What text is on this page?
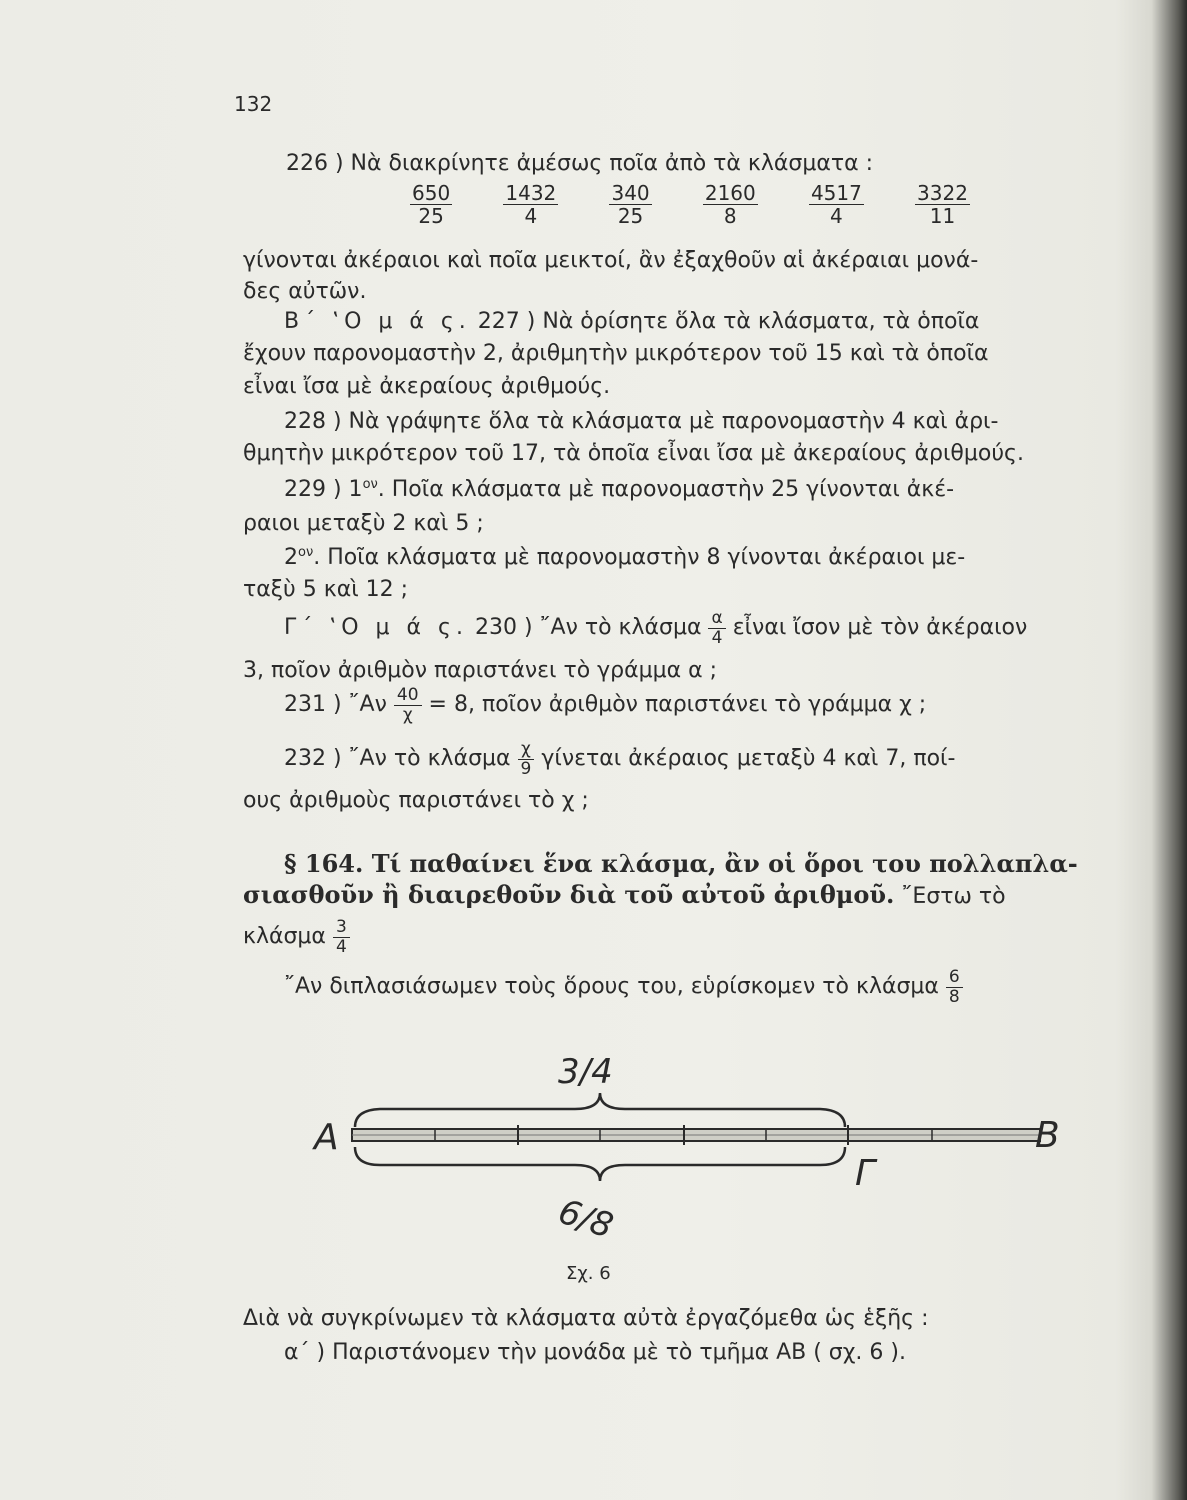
132
226 ) Νὰ διακρίνητε ἀμέσως ποῖα ἀπὸ τὰ κλάσματα :
$\frac{650}{25}$	$\frac{1432}{4}$	$\frac{340}{25}$	$\frac{2160}{8}$	$\frac{4517}{4}$	$\frac{3322}{11}$
γίνονται ἀκέραιοι καὶ ποῖα μεικτοί, ἂν ἐξαχθοῦν αἱ ἀκέραιαι μονά-
δες αὐτῶν.
Β΄ ‛Ο μ ά ς. 227 ) Νὰ ὁρίσητε ὅλα τὰ κλάσματα, τὰ ὁποῖα
ἔχουν παρονομαστὴν 2, ἀριθμητὴν μικρότερον τοῦ 15 καὶ τὰ ὁποῖα
εἶναι ἴσα μὲ ἀκεραίους ἀριθμούς.
228 ) Νὰ γράψητε ὅλα τὰ κλάσματα μὲ παρονομαστὴν 4 καὶ ἀρι-
θμητὴν μικρότερον τοῦ 17, τὰ ὁποῖα εἶναι ἴσα μὲ ἀκεραίους ἀριθμούς.
229 ) $1^{o\nu}$. Ποῖα κλάσματα μὲ παρονομαστὴν 25 γίνονται ἀκέ-
ραιοι μεταξὺ 2 καὶ 5 ;
$2^{o\nu}$. Ποῖα κλάσματα μὲ παρονομαστὴν 8 γίνονται ἀκέραιοι με-
ταξὺ 5 καὶ 12 ;
Γ΄ ‛Ο μ ά ς.
230 ) ῎Αν τὸ κλάσμα
$\frac{\alpha}{4}$
εἶναι ἴσον μὲ τὸν ἀκέραιον
3, ποῖον ἀριθμὸν παριστάνει τὸ γράμμα α ;
231 ) ῎Αν
$\frac{40}{\chi}$
= 8, ποῖον ἀριθμὸν παριστάνει τὸ γράμμα χ ;
232 ) ῎Αν τὸ κλάσμα
$\frac{\chi}{9}$
γίνεται ἀκέραιος μεταξὺ 4 καὶ 7, ποί-
ους ἀριθμοὺς παριστάνει τὸ χ ;
§ 164. Τί παθαίνει ἕνα κλάσμα, ἂν οἱ ὅροι του πολλαπλα-
σιασθοῦν ἢ διαιρεθοῦν διὰ τοῦ αὐτοῦ ἀριθμοῦ. ῎Εστω τὸ
κλάσμα
$\frac{3}{4}$
῎Αν διπλασιάσωμεν τοὺς ὅρους του, εὑρίσκομεν τὸ κλάσμα
$\frac{6}{8}$
3/4
A	B
Γ
6/8
Σχ. 6
Διὰ νὰ συγκρίνωμεν τὰ κλάσματα αὐτὰ ἐργαζόμεθα ὡς ἑξῆς :
α΄ ) Παριστάνομεν τὴν μονάδα μὲ τὸ τμῆμα ΑΒ ( σχ. 6 ).
